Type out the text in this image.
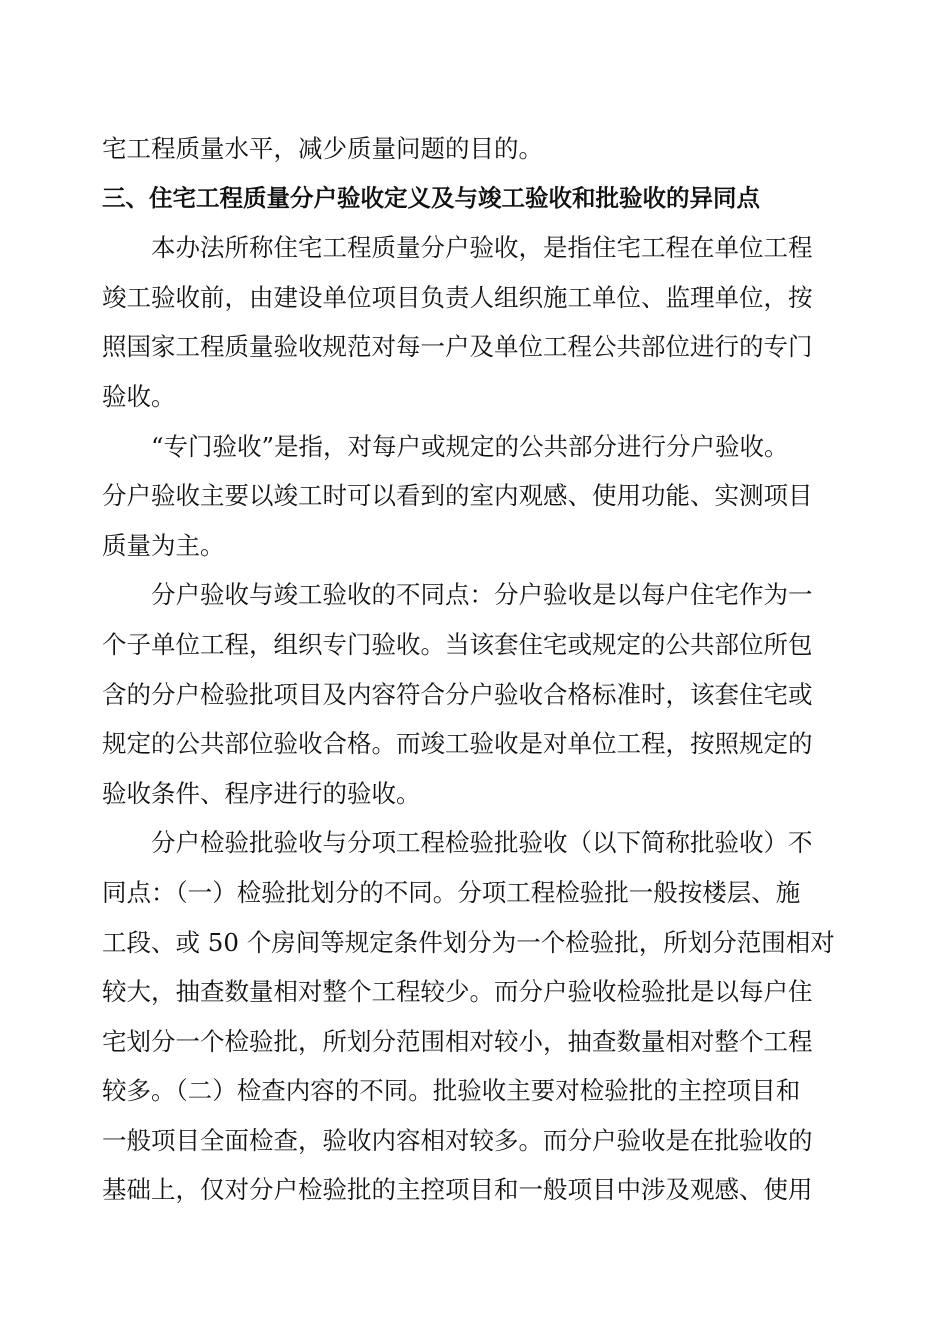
宅工程质量水平，减少质量问题的目的。
三、住宅工程质量分户验收定义及与竣工验收和批验收的异同点
本办法所称住宅工程质量分户验收，是指住宅工程在单位工程
竣工验收前，由建设单位项目负责人组织施工单位、监理单位，按
照国家工程质量验收规范对每一户及单位工程公共部位进行的专门
验收。
“专门验收”是指，对每户或规定的公共部分进行分户验收。
分户验收主要以竣工时可以看到的室内观感、使用功能、实测项目
质量为主。
分户验收与竣工验收的不同点：分户验收是以每户住宅作为一
个子单位工程，组织专门验收。当该套住宅或规定的公共部位所包
含的分户检验批项目及内容符合分户验收合格标准时，该套住宅或
规定的公共部位验收合格。而竣工验收是对单位工程，按照规定的
验收条件、程序进行的验收。
分户检验批验收与分项工程检验批验收（以下简称批验收）不
同点：（一）检验批划分的不同。分项工程检验批一般按楼层、施
工段、或 50 个房间等规定条件划分为一个检验批，所划分范围相对
较大，抽查数量相对整个工程较少。而分户验收检验批是以每户住
宅划分一个检验批，所划分范围相对较小，抽查数量相对整个工程
较多。（二）检查内容的不同。批验收主要对检验批的主控项目和
一般项目全面检查，验收内容相对较多。而分户验收是在批验收的
基础上，仅对分户检验批的主控项目和一般项目中涉及观感、使用
